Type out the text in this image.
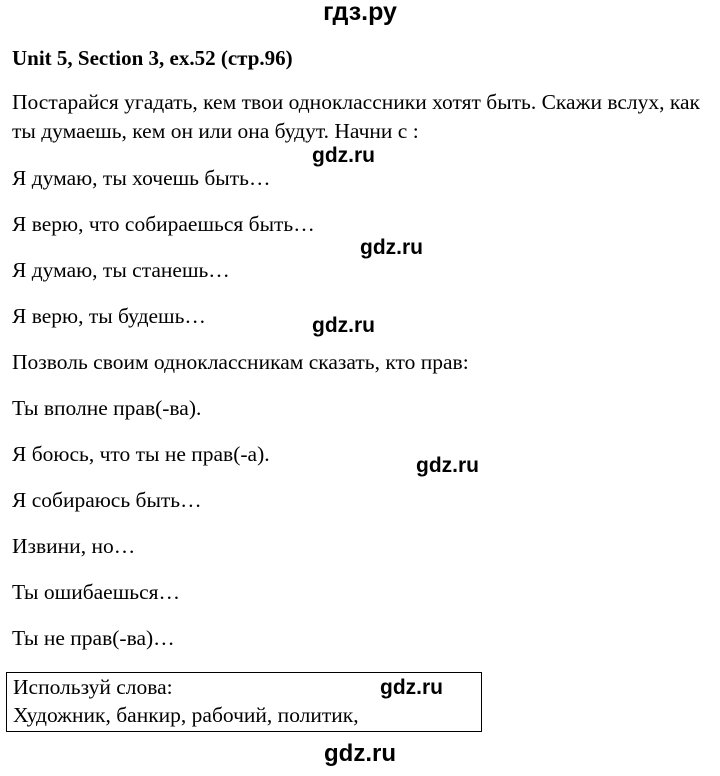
гдз.ру
Unit 5, Section 3, ex.52 (стр.96)
Постарайся угадать, кем твои одноклассники хотят быть. Скажи вслух, как ты думаешь, кем он или она будут. Начни с :
gdz.ru
Я думаю, ты хочешь быть…
Я верю, что собираешься быть…
gdz.ru
Я думаю, ты станешь…
Я верю, ты будешь…	gdz.ru
Позволь своим одноклассникам сказать, кто прав:
Ты вполне прав(-ва).
Я боюсь, что ты не прав(-а).	gdz.ru
Я собираюсь быть…
Извини, но…
Ты ошибаешься…
Ты не прав(-ва)…
Используй слова:
Художник, банкир, рабочий, политик,
gdz.ru
gdz.ru
